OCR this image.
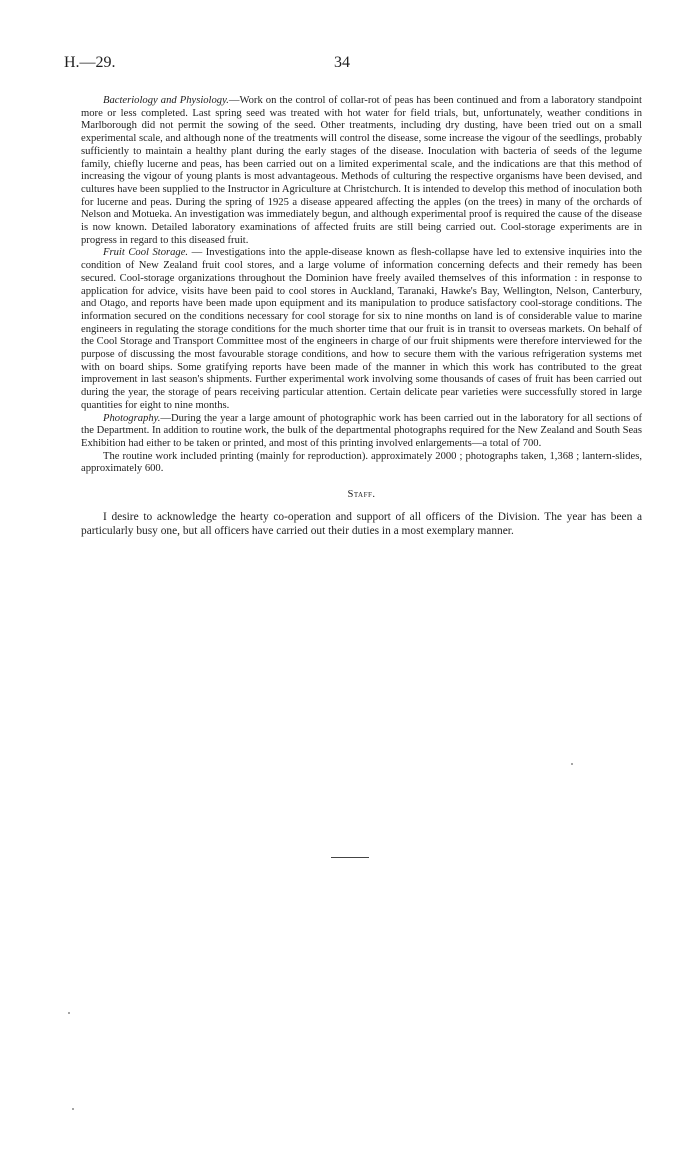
H.—29.	34

Bacteriology and Physiology.—Work on the control of collar-rot of peas has been continued and from a laboratory standpoint more or less completed. Last spring seed was treated with hot water for field trials, but, unfortunately, weather conditions in Marlborough did not permit the sowing of the seed. Other treatments, including dry dusting, have been tried out on a small experimental scale, and although none of the treatments will control the disease, some increase the vigour of the seedlings, probably sufficiently to maintain a healthy plant during the early stages of the disease. Inoculation with bacteria of seeds of the legume family, chiefly lucerne and peas, has been carried out on a limited experimental scale, and the indications are that this method of increasing the vigour of young plants is most advantageous. Methods of culturing the respective organisms have been devised, and cultures have been supplied to the Instructor in Agriculture at Christchurch. It is intended to develop this method of inoculation both for lucerne and peas. During the spring of 1925 a disease appeared affecting the apples (on the trees) in many of the orchards of Nelson and Motueka. An investigation was immediately begun, and although experimental proof is required the cause of the disease is now known. Detailed laboratory examinations of affected fruits are still being carried out. Cool-storage experiments are in progress in regard to this diseased fruit.

Fruit Cool Storage. — Investigations into the apple-disease known as flesh-collapse have led to extensive inquiries into the condition of New Zealand fruit cool stores, and a large volume of information concerning defects and their remedy has been secured. Cool-storage organizations throughout the Dominion have freely availed themselves of this information : in response to application for advice, visits have been paid to cool stores in Auckland, Taranaki, Hawke's Bay, Wellington, Nelson, Canterbury, and Otago, and reports have been made upon equipment and its manipulation to produce satisfactory cool-storage conditions. The information secured on the conditions necessary for cool storage for six to nine months on land is of considerable value to marine engineers in regulating the storage conditions for the much shorter time that our fruit is in transit to overseas markets. On behalf of the Cool Storage and Transport Committee most of the engineers in charge of our fruit shipments were therefore interviewed for the purpose of discussing the most favourable storage conditions, and how to secure them with the various refrigeration systems met with on board ships. Some gratifying reports have been made of the manner in which this work has contributed to the great improvement in last season's shipments. Further experimental work involving some thousands of cases of fruit has been carried out during the year, the storage of pears receiving particular attention. Certain delicate pear varieties were successfully stored in large quantities for eight to nine months.

Photography.—During the year a large amount of photographic work has been carried out in the laboratory for all sections of the Department. In addition to routine work, the bulk of the departmental photographs required for the New Zealand and South Seas Exhibition had either to be taken or printed, and most of this printing involved enlargements—a total of 700.

The routine work included printing (mainly for reproduction). approximately 2000 ; photographs taken, 1,368 ; lantern-slides, approximately 600.

Staff.

I desire to acknowledge the hearty co-operation and support of all officers of the Division. The year has been a particularly busy one, but all officers have carried out their duties in a most exemplary manner.
